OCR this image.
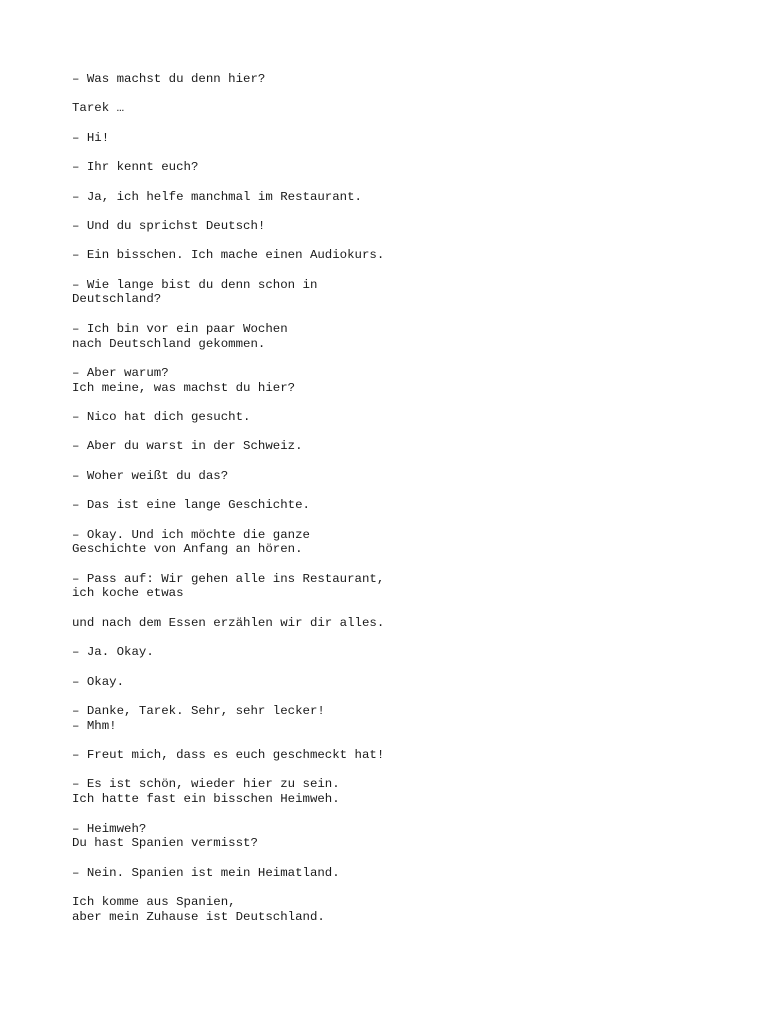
– Was machst du denn hier?
Tarek …
– Hi!
– Ihr kennt euch?
– Ja, ich helfe manchmal im Restaurant.
– Und du sprichst Deutsch!
– Ein bisschen. Ich mache einen Audiokurs.
– Wie lange bist du denn schon in
Deutschland?
– Ich bin vor ein paar Wochen
nach Deutschland gekommen.
– Aber warum?
Ich meine, was machst du hier?
– Nico hat dich gesucht.
– Aber du warst in der Schweiz.
– Woher weißt du das?
– Das ist eine lange Geschichte.
– Okay. Und ich möchte die ganze
Geschichte von Anfang an hören.
– Pass auf: Wir gehen alle ins Restaurant,
ich koche etwas
und nach dem Essen erzählen wir dir alles.
– Ja. Okay.
– Okay.
– Danke, Tarek. Sehr, sehr lecker!
– Mhm!
– Freut mich, dass es euch geschmeckt hat!
– Es ist schön, wieder hier zu sein.
Ich hatte fast ein bisschen Heimweh.
– Heimweh?
Du hast Spanien vermisst?
– Nein. Spanien ist mein Heimatland.
Ich komme aus Spanien,
aber mein Zuhause ist Deutschland.
